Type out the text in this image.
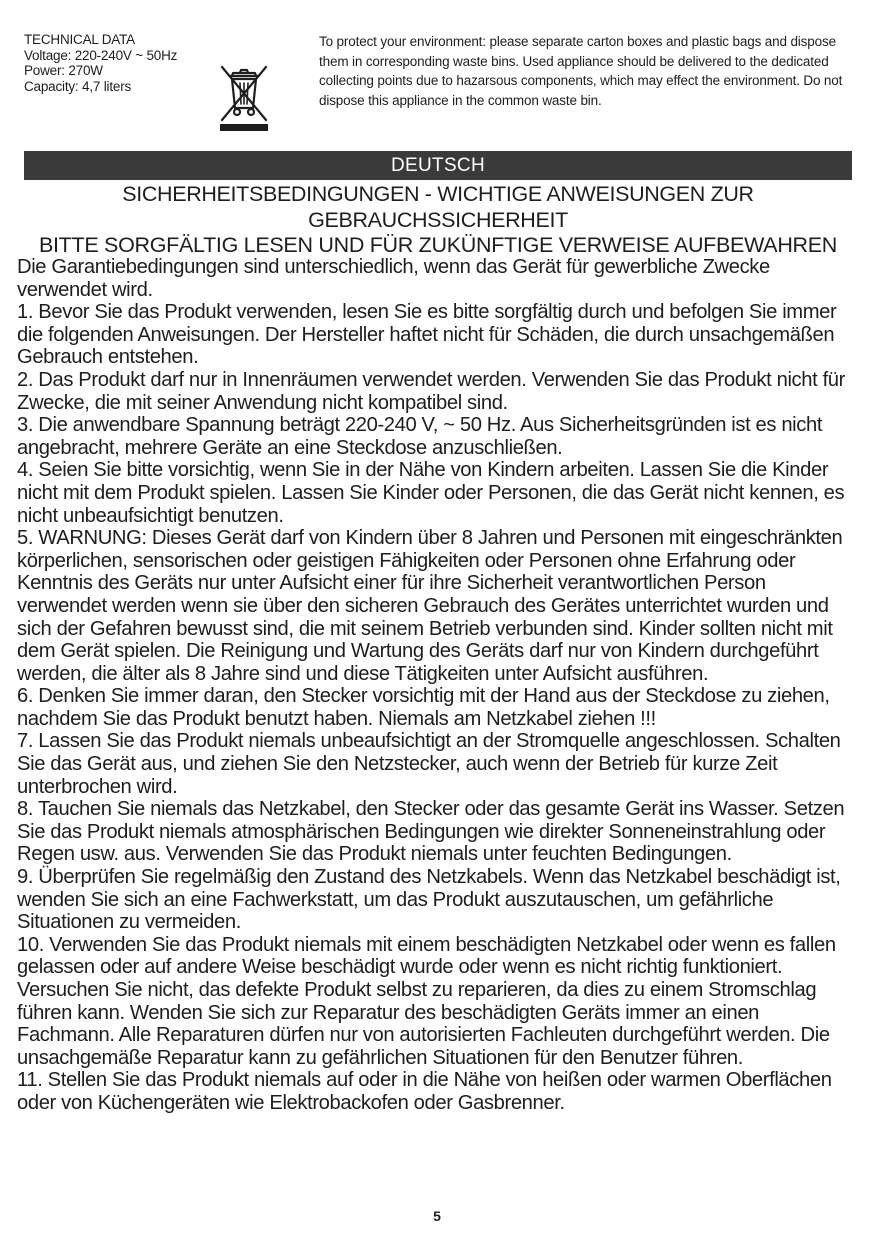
TECHNICAL DATA
Voltage: 220-240V ~ 50Hz
Power: 270W
Capacity: 4,7 liters
To protect your environment: please separate carton boxes and plastic bags and dispose them in corresponding waste bins. Used appliance should be delivered to the dedicated collecting points due to hazarsous components, which may effect the environment. Do not dispose this appliance in the common waste bin.
DEUTSCH
SICHERHEITSBEDINGUNGEN - WICHTIGE ANWEISUNGEN ZUR GEBRAUCHSSICHERHEIT
BITTE SORGFÄLTIG LESEN UND FÜR ZUKÜNFTIGE VERWEISE AUFBEWAHREN

Die Garantiebedingungen sind unterschiedlich, wenn das Gerät für gewerbliche Zwecke verwendet wird.

1. Bevor Sie das Produkt verwenden, lesen Sie es bitte sorgfältig durch und befolgen Sie immer die folgenden Anweisungen. Der Hersteller haftet nicht für Schäden, die durch unsachgemäßen Gebrauch entstehen.

2. Das Produkt darf nur in Innenräumen verwendet werden. Verwenden Sie das Produkt nicht für Zwecke, die mit seiner Anwendung nicht kompatibel sind.

3. Die anwendbare Spannung beträgt 220-240 V, ~ 50 Hz. Aus Sicherheitsgründen ist es nicht angebracht, mehrere Geräte an eine Steckdose anzuschließen.

4. Seien Sie bitte vorsichtig, wenn Sie in der Nähe von Kindern arbeiten. Lassen Sie die Kinder nicht mit dem Produkt spielen. Lassen Sie Kinder oder Personen, die das Gerät nicht kennen, es nicht unbeaufsichtigt benutzen.

5. WARNUNG: Dieses Gerät darf von Kindern über 8 Jahren und Personen mit eingeschränkten körperlichen, sensorischen oder geistigen Fähigkeiten oder Personen ohne Erfahrung oder Kenntnis des Geräts nur unter Aufsicht einer für ihre Sicherheit verantwortlichen Person verwendet werden wenn sie über den sicheren Gebrauch des Gerätes unterrichtet wurden und sich der Gefahren bewusst sind, die mit seinem Betrieb verbunden sind. Kinder sollten nicht mit dem Gerät spielen. Die Reinigung und Wartung des Geräts darf nur von Kindern durchgeführt werden, die älter als 8 Jahre sind und diese Tätigkeiten unter Aufsicht ausführen.

6. Denken Sie immer daran, den Stecker vorsichtig mit der Hand aus der Steckdose zu ziehen, nachdem Sie das Produkt benutzt haben. Niemals am Netzkabel ziehen !!!

7. Lassen Sie das Produkt niemals unbeaufsichtigt an der Stromquelle angeschlossen. Schalten Sie das Gerät aus, und ziehen Sie den Netzstecker, auch wenn der Betrieb für kurze Zeit unterbrochen wird.

8. Tauchen Sie niemals das Netzkabel, den Stecker oder das gesamte Gerät ins Wasser. Setzen Sie das Produkt niemals atmosphärischen Bedingungen wie direkter Sonneneinstrahlung oder Regen usw. aus. Verwenden Sie das Produkt niemals unter feuchten Bedingungen.

9. Überprüfen Sie regelmäßig den Zustand des Netzkabels. Wenn das Netzkabel beschädigt ist, wenden Sie sich an eine Fachwerkstatt, um das Produkt auszutauschen, um gefährliche Situationen zu vermeiden.

10. Verwenden Sie das Produkt niemals mit einem beschädigten Netzkabel oder wenn es fallen gelassen oder auf andere Weise beschädigt wurde oder wenn es nicht richtig funktioniert. Versuchen Sie nicht, das defekte Produkt selbst zu reparieren, da dies zu einem Stromschlag führen kann. Wenden Sie sich zur Reparatur des beschädigten Geräts immer an einen Fachmann. Alle Reparaturen dürfen nur von autorisierten Fachleuten durchgeführt werden. Die unsachgemäße Reparatur kann zu gefährlichen Situationen für den Benutzer führen.

11. Stellen Sie das Produkt niemals auf oder in die Nähe von heißen oder warmen Oberflächen oder von Küchengeräten wie Elektrobackofen oder Gasbrenner.

5
